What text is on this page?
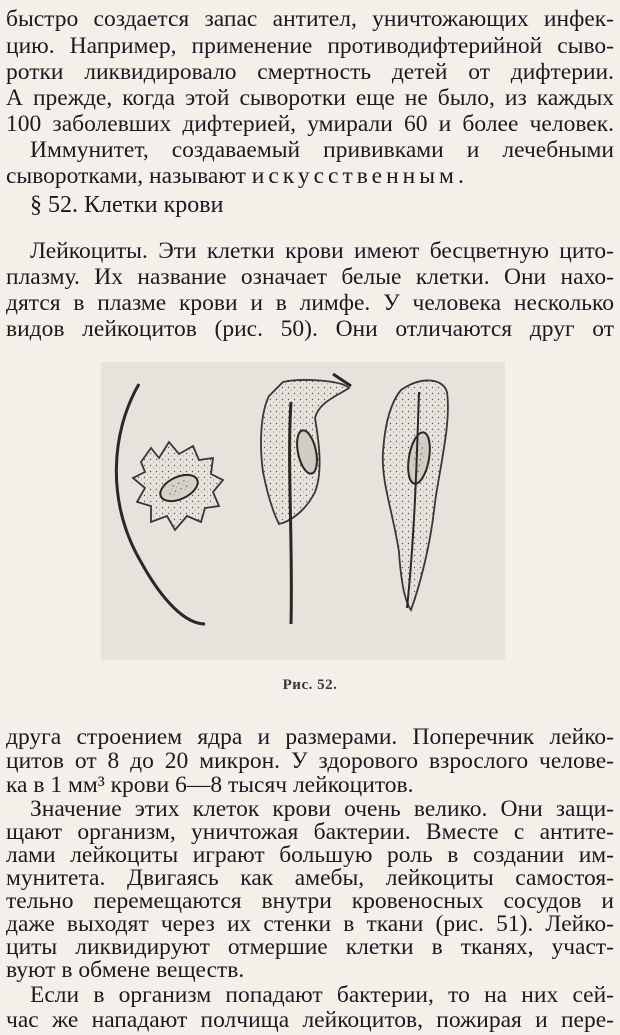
быстро создается запас антител, уничтожающих инфек-
цию. Например, применение противодифтерийной сыво-
ротки ликвидировало смертность детей от дифтерии.
А прежде, когда этой сыворотки еще не было, из каждых
100 заболевших дифтерией, умирали 60 и более человек.
Иммунитет, создаваемый прививками и лечебными
сыворотками, называют искусственным.
§ 52. Клетки крови
Лейкоциты. Эти клетки крови имеют бесцветную цито-
плазму. Их название означает белые клетки. Они нахо-
дятся в плазме крови и в лимфе. У человека несколько
видов лейкоцитов (рис. 50). Они отличаются друг от
Рис. 52.
друга строением ядра и размерами. Поперечник лейко-
цитов от 8 до 20 микрон. У здорового взрослого челове-
ка в 1 мм³ крови 6—8 тысяч лейкоцитов.
Значение этих клеток крови очень велико. Они защи-
щают организм, уничтожая бактерии. Вместе с антите-
лами лейкоциты играют большую роль в создании им-
мунитета. Двигаясь как амебы, лейкоциты самостоя-
тельно перемещаются внутри кровеносных сосудов и
даже выходят через их стенки в ткани (рис. 51). Лейко-
циты ликвидируют отмершие клетки в тканях, участ-
вуют в обмене веществ.
Если в организм попадают бактерии, то на них сей-
час же нападают полчища лейкоцитов, пожирая и пере-
